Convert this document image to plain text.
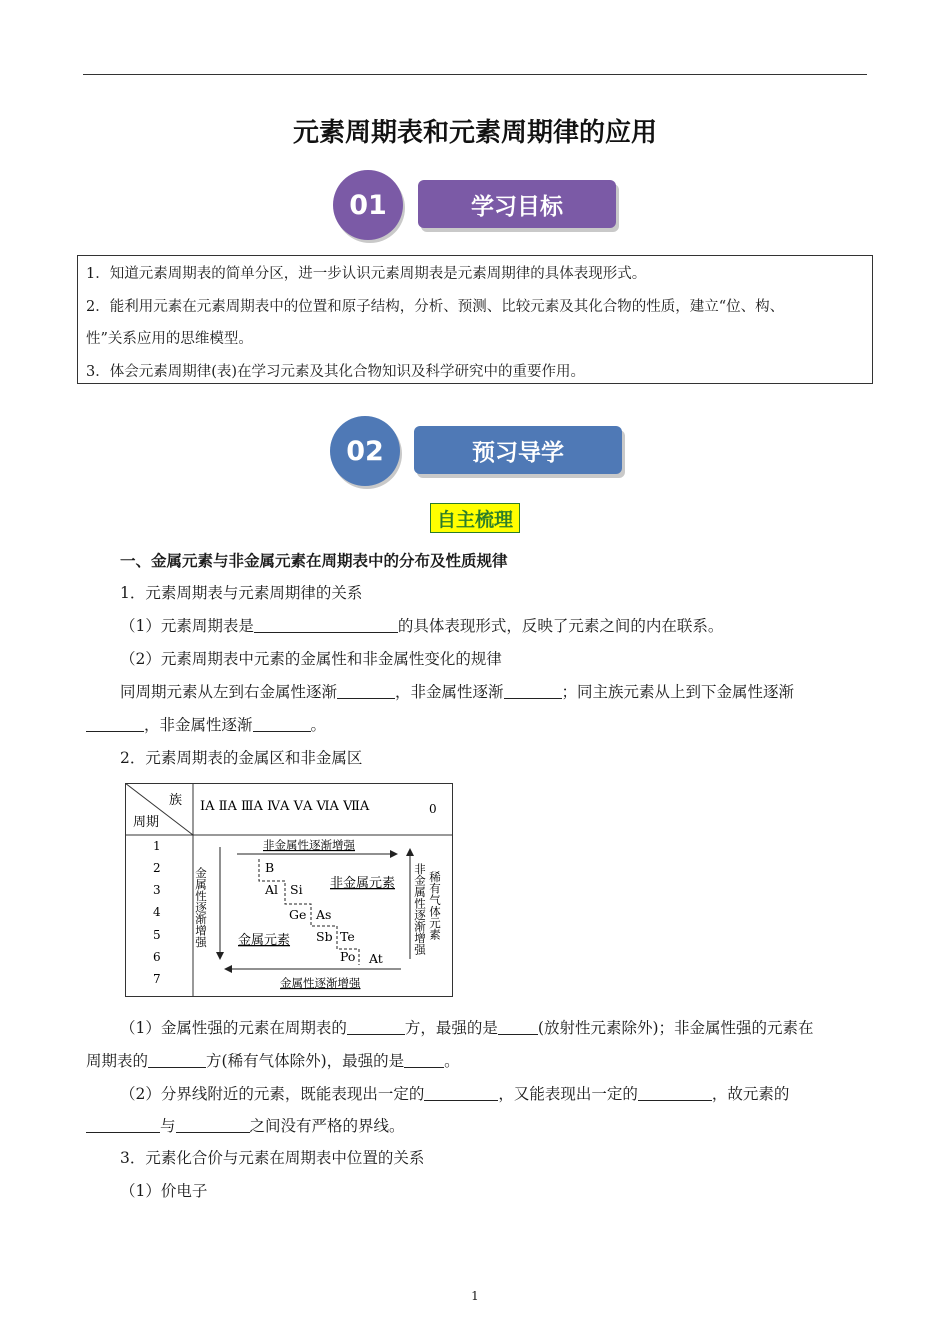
元素周期表和元素周期律的应用
学习目标
01

1．知道元素周期表的简单分区，进一步认识元素周期表是元素周期律的具体表现形式。

2．能利用元素在元素周期表中的位置和原子结构，分析、预测、比较元素及其化合物的性质，建立“位、构、

性”关系应用的思维模型。

3．体会元素周期律(表)在学习元素及其化合物知识及科学研究中的重要作用。

预习导学
02
自主梳理
一、金属元素与非金属元素在周期表中的分布及性质规律
1．元素周期表与元素周期律的关系
（1）元素周期表是	的具体表现形式，反映了元素之间的内在联系。
（2）元素周期表中元素的金属性和非金属性变化的规律
同周期元素从左到右金属性逐渐	，非金属性逐渐	；同主族元素从上到下金属性逐渐
，非金属性逐渐	。
2．元素周期表的金属区和非金属区
族
周期
ⅠA ⅡA ⅢA ⅣA ⅤA ⅥA ⅦA	0
1
2
3
4
5
6
7
非金属性逐渐增强
金属性逐渐增强
金属性逐渐增强	非金属性逐渐增强 稀有气体元素
非金属元素
金属元素
B
Al Si
Ge As
Sb Te
Po At
（1）金属性强的元素在周期表的	方，最强的是	(放射性元素除外)；非金属性强的元素在
周期表的	方(稀有气体除外)，最强的是	。
（2）分界线附近的元素，既能表现出一定的	，又能表现出一定的	，故元素的
与	之间没有严格的界线。
3．元素化合价与元素在周期表中位置的关系
（1）价电子
1
